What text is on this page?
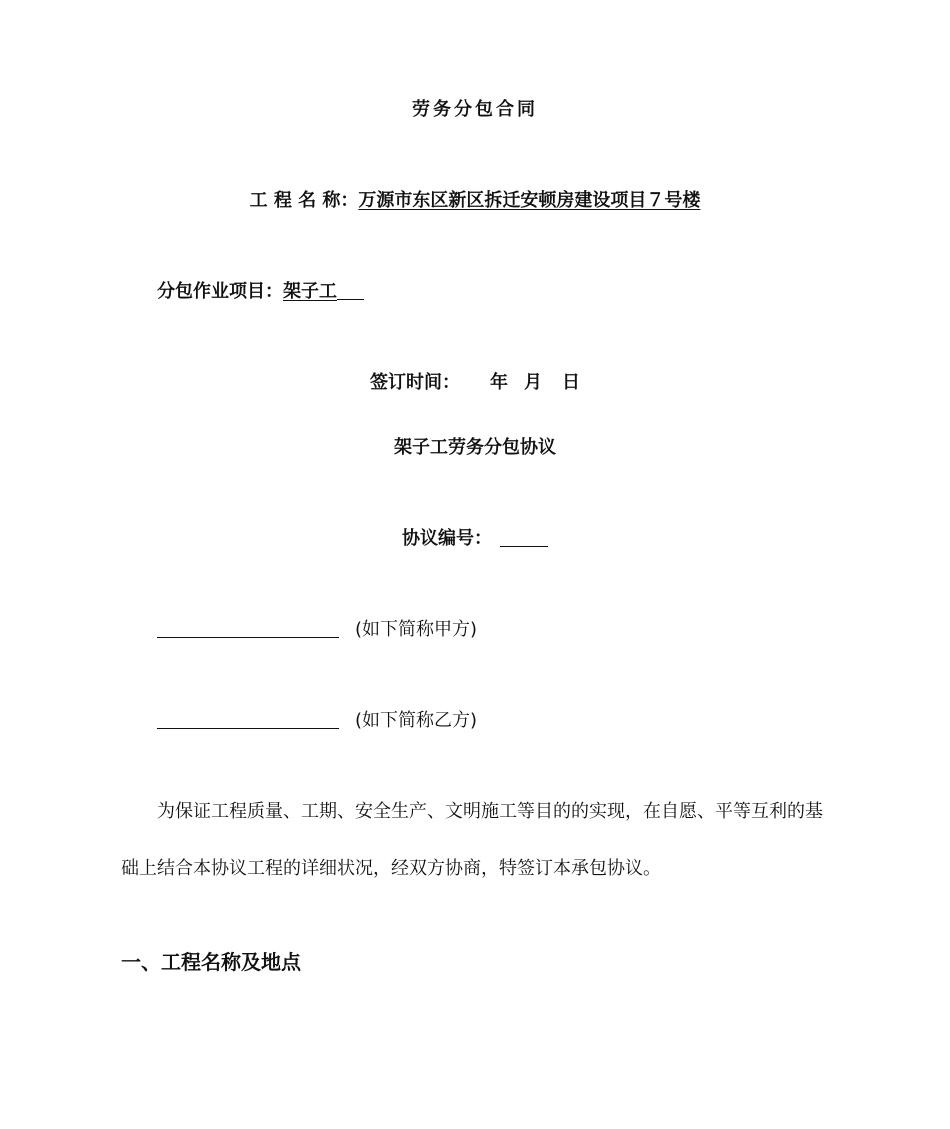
劳务分包合同
工 程 名 称：万源市东区新区拆迁安顿房建设项目７号楼
分包作业项目：架子工
签订时间： 年 月 日
架子工劳务分包协议
协议编号：
(如下简称甲方)
(如下简称乙方)
为保证工程质量、工期、安全生产、文明施工等目的的实现，在自愿、平等互利的基
础上结合本协议工程的详细状况，经双方协商，特签订本承包协议。
一、工程名称及地点
